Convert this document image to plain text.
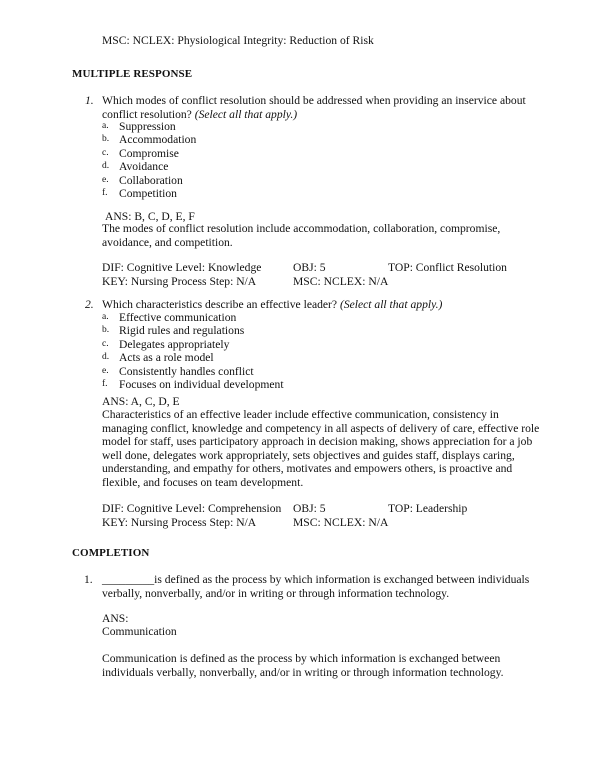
MSC: NCLEX: Physiological Integrity: Reduction of Risk
MULTIPLE RESPONSE
1. Which modes of conflict resolution should be addressed when providing an inservice about
conflict resolution? (Select all that apply.)
a. Suppression
b. Accommodation
c. Compromise
d. Avoidance
e. Collaboration
f. Competition
ANS: B, C, D, E, F
The modes of conflict resolution include accommodation, collaboration, compromise,
avoidance, and competition.
DIF: Cognitive Level: Knowledge	OBJ: 5	TOP: Conflict Resolution
KEY: Nursing Process Step: N/A	MSC: NCLEX: N/A
2. Which characteristics describe an effective leader? (Select all that apply.)
a. Effective communication
b. Rigid rules and regulations
c. Delegates appropriately
d. Acts as a role model
e. Consistently handles conflict
f. Focuses on individual development
ANS: A, C, D, E
Characteristics of an effective leader include effective communication, consistency in
managing conflict, knowledge and competency in all aspects of delivery of care, effective role
model for staff, uses participatory approach in decision making, shows appreciation for a job
well done, delegates work appropriately, sets objectives and guides staff, displays caring,
understanding, and empathy for others, motivates and empowers others, is proactive and
flexible, and focuses on team development.
DIF: Cognitive Level: Comprehension OBJ: 5	TOP: Leadership
KEY: Nursing Process Step: N/A	MSC: NCLEX: N/A
COMPLETION
1. _________is defined as the process by which information is exchanged between individuals
verbally, nonverbally, and/or in writing or through information technology.
ANS:
Communication
Communication is defined as the process by which information is exchanged between
individuals verbally, nonverbally, and/or in writing or through information technology.
